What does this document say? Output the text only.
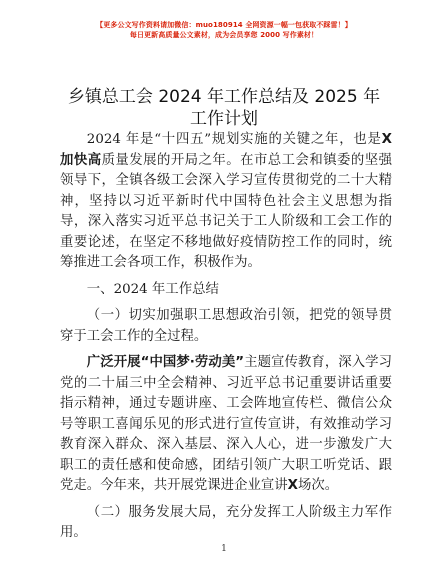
【更多公文写作资料请加微信：muo180914 全网资源一幅一包获取不踩雷！】
每日更新高质量公文素材，成为会员享您 2000 写作素材！
乡镇总工会 2024 年工作总结及 2025 年工作计划

2024 年是“十四五”规划实施的关键之年，也是X 加快高质量发展的开局之年。在市总工会和镇委的坚强领导下，全镇各级工会深入学习宣传贯彻党的二十大精神，坚持以习近平新时代中国特色社会主义思想为指导，深入落实习近平总书记关于工人阶级和工会工作的重要论述，在坚定不移地做好疫情防控工作的同时，统筹推进工会各项工作，积极作为。

一、2024 年工作总结

（一）切实加强职工思想政治引领，把党的领导贯穿于工会工作的全过程。

广泛开展“中国梦·劳动美”主题宣传教育，深入学习党的二十届三中全会精神、习近平总书记重要讲话重要指示精神，通过专题讲座、工会阵地宣传栏、微信公众号等职工喜闻乐见的形式进行宣传宣讲，有效推动学习教育深入群众、深入基层、深入人心，进一步激发广大职工的责任感和使命感，团结引领广大职工听党话、跟党走。今年来，共开展党课进企业宣讲X场次。

（二）服务发展大局，充分发挥工人阶级主力军作用。

1
